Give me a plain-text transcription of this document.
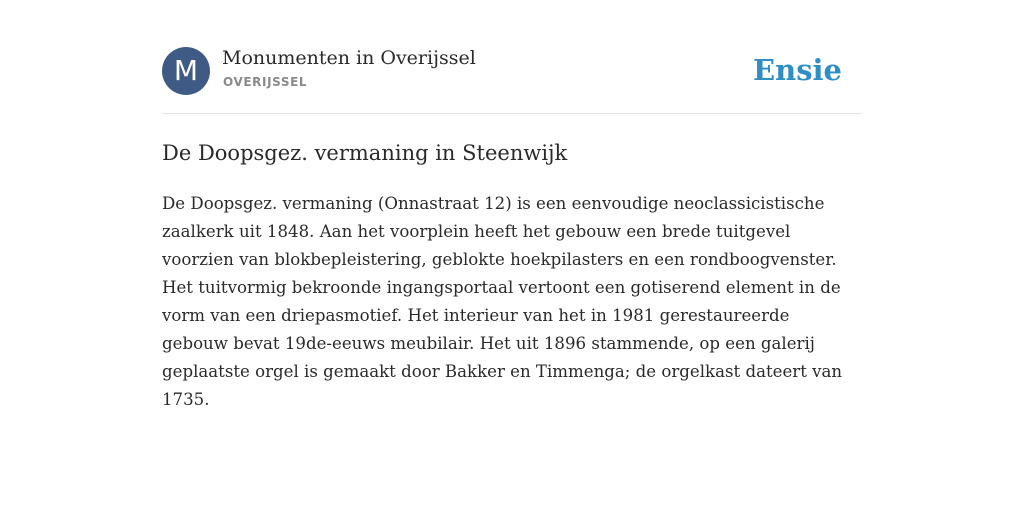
M	Monumenten in Overijssel
OVERIJSSEL	Ensie
De Doopsgez. vermaning in Steenwijk

De Doopsgez. vermaning (Onnastraat 12) is een eenvoudige neoclassicistische
zaalkerk uit 1848. Aan het voorplein heeft het gebouw een brede tuitgevel
voorzien van blokbepleistering, geblokte hoekpilasters en een rondboogvenster.
Het tuitvormig bekroonde ingangsportaal vertoont een gotiserend element in de
vorm van een driepasmotief. Het interieur van het in 1981 gerestaureerde
gebouw bevat 19de-eeuws meubilair. Het uit 1896 stammende, op een galerij
geplaatste orgel is gemaakt door Bakker en Timmenga; de orgelkast dateert van
1735.
